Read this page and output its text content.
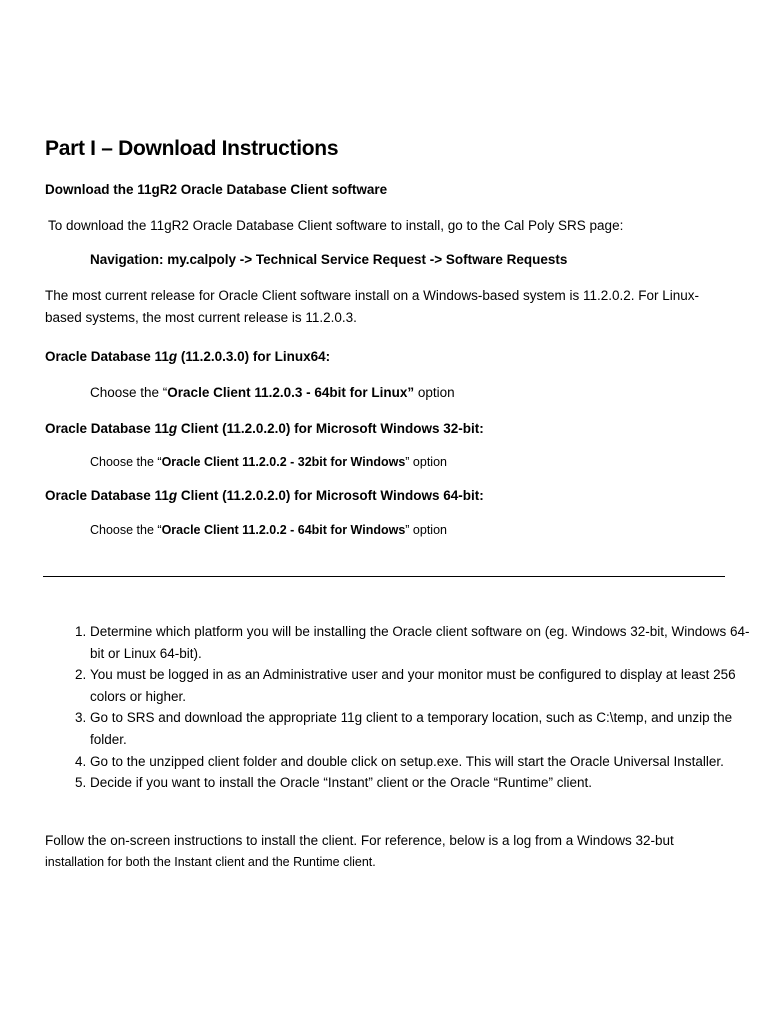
Part I – Download Instructions
Download the 11gR2 Oracle Database Client software
To download the 11gR2 Oracle Database Client software to install, go to the Cal Poly SRS page:
Navigation: my.calpoly -> Technical Service Request -> Software Requests
The most current release for Oracle Client software install on a Windows-based system is 11.2.0.2. For Linux-
based systems, the most current release is 11.2.0.3.
Oracle Database 11g (11.2.0.3.0) for Linux64:
Choose the “Oracle Client 11.2.0.3 - 64bit for Linux” option
Oracle Database 11g Client (11.2.0.2.0) for Microsoft Windows 32-bit:
Choose the “Oracle Client 11.2.0.2 - 32bit for Windows” option
Oracle Database 11g Client (11.2.0.2.0) for Microsoft Windows 64-bit:
Choose the “Oracle Client 11.2.0.2 - 64bit for Windows” option
1. Determine which platform you will be installing the Oracle client software on (eg. Windows 32-bit, Windows 64-bit or Linux 64-bit).
2. You must be logged in as an Administrative user and your monitor must be configured to display at least 256 colors or higher.
3. Go to SRS and download the appropriate 11g client to a temporary location, such as C:\temp, and unzip the folder.
4. Go to the unzipped client folder and double click on setup.exe. This will start the Oracle Universal Installer.
5. Decide if you want to install the Oracle “Instant” client or the Oracle “Runtime” client.
Follow the on-screen instructions to install the client. For reference, below is a log from a Windows 32-but
installation for both the Instant client and the Runtime client.
